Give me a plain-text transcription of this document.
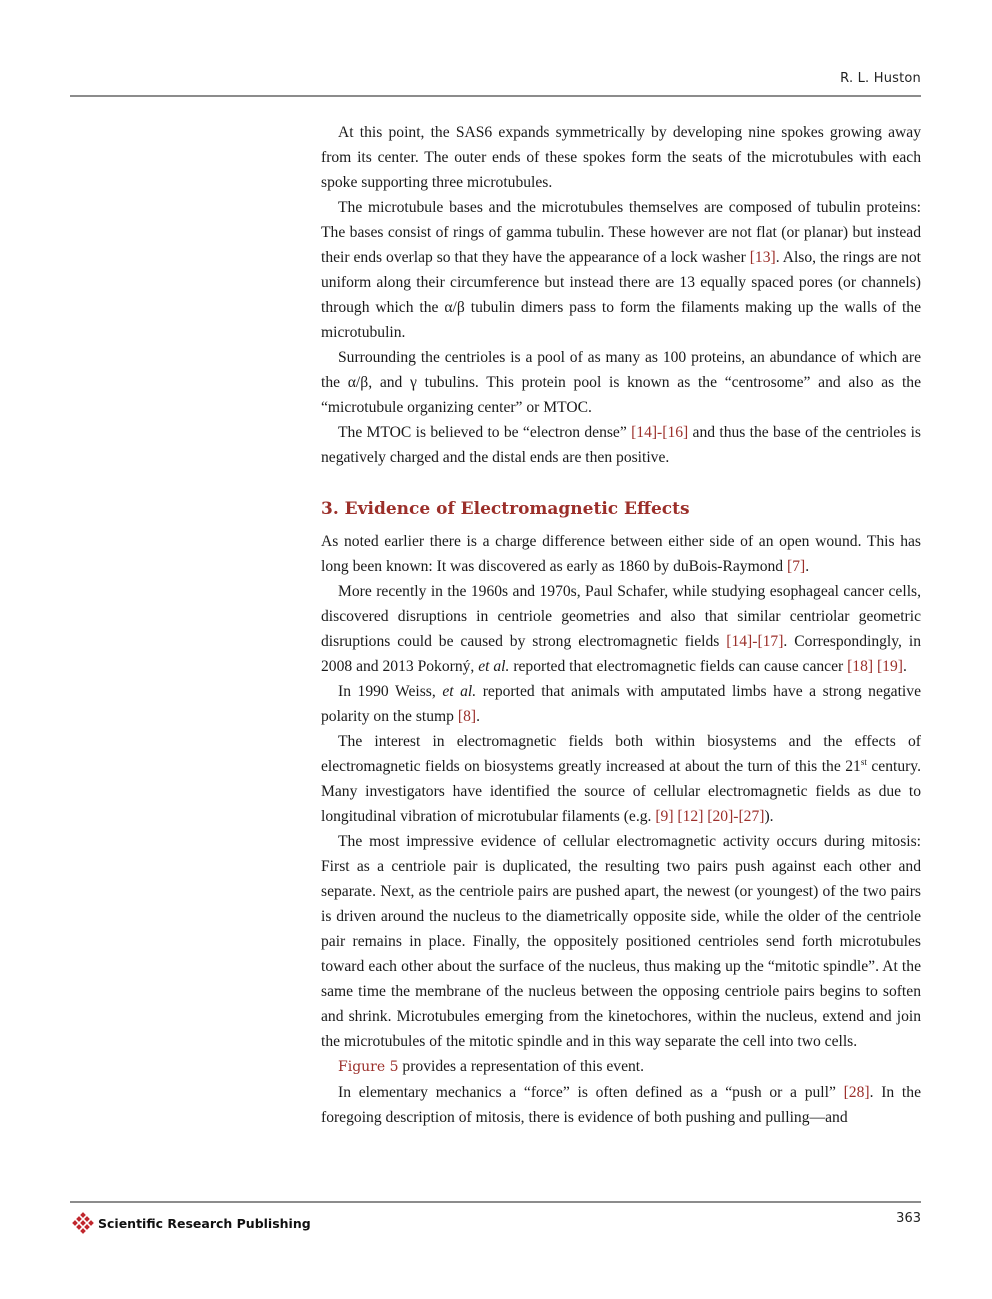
R. L. Huston

At this point, the SAS6 expands symmetrically by developing nine spokes growing away from its center. The outer ends of these spokes form the seats of the microtubules with each spoke supporting three microtubules.

The microtubule bases and the microtubules themselves are composed of tubulin proteins: The bases consist of rings of gamma tubulin. These however are not flat (or planar) but instead their ends overlap so that they have the appearance of a lock washer [13]. Also, the rings are not uniform along their circumference but instead there are 13 equally spaced pores (or channels) through which the α/β tubulin dimers pass to form the filaments making up the walls of the microtubulin.

Surrounding the centrioles is a pool of as many as 100 proteins, an abundance of which are the α/β, and γ tubulins. This protein pool is known as the “centrosome” and also as the “microtubule organizing center” or MTOC.

The MTOC is believed to be “electron dense” [14]-[16] and thus the base of the centrioles is negatively charged and the distal ends are then positive.

3. Evidence of Electromagnetic Effects

As noted earlier there is a charge difference between either side of an open wound. This has long been known: It was discovered as early as 1860 by duBois-Raymond [7].

More recently in the 1960s and 1970s, Paul Schafer, while studying esophageal cancer cells, discovered disruptions in centriole geometries and also that similar centriolar geometric disruptions could be caused by strong electromagnetic fields [14]-[17]. Correspondingly, in 2008 and 2013 Pokorný, et al. reported that electromagnetic fields can cause cancer [18] [19].

In 1990 Weiss, et al. reported that animals with amputated limbs have a strong negative polarity on the stump [8].

The interest in electromagnetic fields both within biosystems and the effects of electromagnetic fields on biosystems greatly increased at about the turn of this the 21st century. Many investigators have identified the source of cellular electromagnetic fields as due to longitudinal vibration of microtubular filaments (e.g. [9] [12] [20]-[27]).

The most impressive evidence of cellular electromagnetic activity occurs during mitosis: First as a centriole pair is duplicated, the resulting two pairs push against each other and separate. Next, as the centriole pairs are pushed apart, the newest (or youngest) of the two pairs is driven around the nucleus to the diametrically opposite side, while the older of the centriole pair remains in place. Finally, the oppositely positioned centrioles send forth microtubules toward each other about the surface of the nucleus, thus making up the “mitotic spindle”. At the same time the membrane of the nucleus between the opposing centriole pairs begins to soften and shrink. Microtubules emerging from the kinetochores, within the nucleus, extend and join the microtubules of the mitotic spindle and in this way separate the cell into two cells.

Figure 5 provides a representation of this event.

In elementary mechanics a “force” is often defined as a “push or a pull” [28]. In the foregoing description of mitosis, there is evidence of both pushing and pulling—and

Scientific Research Publishing	363
